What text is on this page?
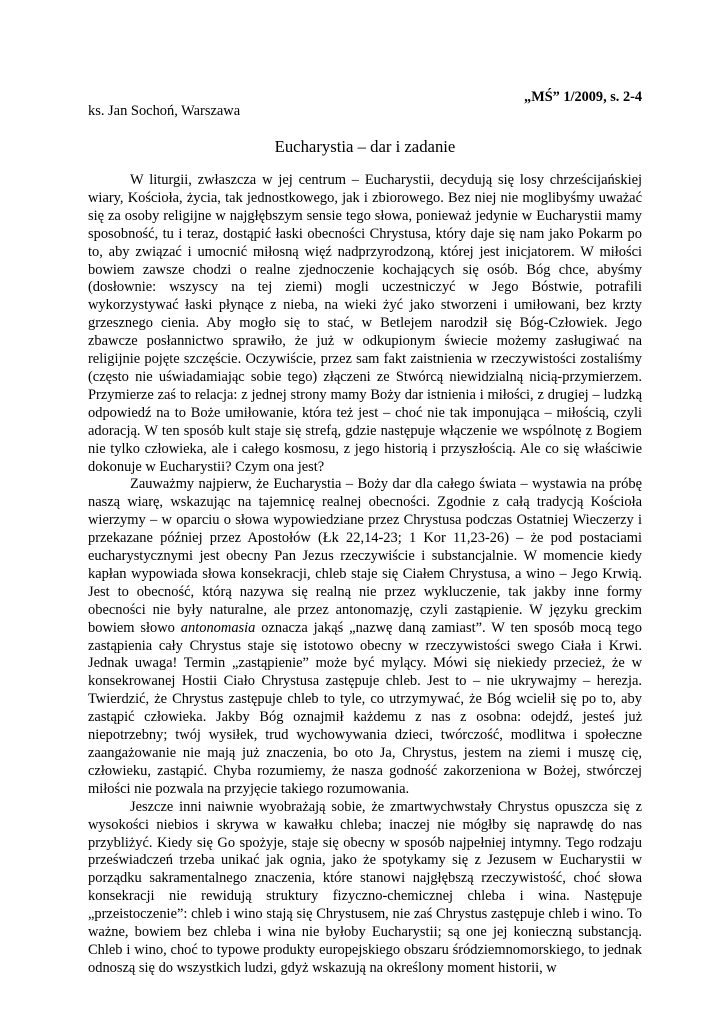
„MŚ” 1/2009, s. 2-4
ks. Jan Sochoń, Warszawa
Eucharystia – dar i zadanie

W liturgii, zwłaszcza w jej centrum – Eucharystii, decydują się losy chrześcijańskiej wiary, Kościoła, życia, tak jednostkowego, jak i zbiorowego. Bez niej nie moglibyśmy uważać się za osoby religijne w najgłębszym sensie tego słowa, ponieważ jedynie w Eucharystii mamy sposobność, tu i teraz, dostąpić łaski obecności Chrystusa, który daje się nam jako Pokarm po to, aby związać i umocnić miłosną więź nadprzyrodzoną, której jest inicjatorem. W miłości bowiem zawsze chodzi o realne zjednoczenie kochających się osób. Bóg chce, abyśmy (dosłownie: wszyscy na tej ziemi) mogli uczestniczyć w Jego Bóstwie, potrafili wykorzystywać łaski płynące z nieba, na wieki żyć jako stworzeni i umiłowani, bez krzty grzesznego cienia. Aby mogło się to stać, w Betlejem narodził się Bóg-Człowiek. Jego zbawcze posłannictwo sprawiło, że już w odkupionym świecie możemy zasługiwać na religijnie pojęte szczęście. Oczywiście, przez sam fakt zaistnienia w rzeczywistości zostaliśmy (często nie uświadamiając sobie tego) złączeni ze Stwórcą niewidzialną nicią-przymierzem. Przymierze zaś to relacja: z jednej strony mamy Boży dar istnienia i miłości, z drugiej – ludzką odpowiedź na to Boże umiłowanie, która też jest – choć nie tak imponująca – miłością, czyli adoracją. W ten sposób kult staje się strefą, gdzie następuje włączenie we wspólnotę z Bogiem nie tylko człowieka, ale i całego kosmosu, z jego historią i przyszłością. Ale co się właściwie dokonuje w Eucharystii? Czym ona jest?

Zauważmy najpierw, że Eucharystia – Boży dar dla całego świata – wystawia na próbę naszą wiarę, wskazując na tajemnicę realnej obecności. Zgodnie z całą tradycją Kościoła wierzymy – w oparciu o słowa wypowiedziane przez Chrystusa podczas Ostatniej Wieczerzy i przekazane później przez Apostołów (Łk 22,14-23; 1 Kor 11,23-26) – że pod postaciami eucharystycznymi jest obecny Pan Jezus rzeczywiście i substancjalnie. W momencie kiedy kapłan wypowiada słowa konsekracji, chleb staje się Ciałem Chrystusa, a wino – Jego Krwią. Jest to obecność, którą nazywa się realną nie przez wykluczenie, tak jakby inne formy obecności nie były naturalne, ale przez antonomazję, czyli zastąpienie. W języku greckim bowiem słowo antonomasia oznacza jakąś „nazwę daną zamiast”. W ten sposób mocą tego zastąpienia cały Chrystus staje się istotowo obecny w rzeczywistości swego Ciała i Krwi. Jednak uwaga! Termin „zastąpienie” może być mylący. Mówi się niekiedy przecież, że w konsekrowanej Hostii Ciało Chrystusa zastępuje chleb. Jest to – nie ukrywajmy – herezja. Twierdzić, że Chrystus zastępuje chleb to tyle, co utrzymywać, że Bóg wcielił się po to, aby zastąpić człowieka. Jakby Bóg oznajmił każdemu z nas z osobna: odejdź, jesteś już niepotrzebny; twój wysiłek, trud wychowywania dzieci, twórczość, modlitwa i społeczne zaangażowanie nie mają już znaczenia, bo oto Ja, Chrystus, jestem na ziemi i muszę cię, człowieku, zastąpić. Chyba rozumiemy, że nasza godność zakorzeniona w Bożej, stwórczej miłości nie pozwala na przyjęcie takiego rozumowania.

Jeszcze inni naiwnie wyobrażają sobie, że zmartwychwstały Chrystus opuszcza się z wysokości niebios i skrywa w kawałku chleba; inaczej nie mógłby się naprawdę do nas przybliżyć. Kiedy się Go spożyje, staje się obecny w sposób najpełniej intymny. Tego rodzaju przeświadczeń trzeba unikać jak ognia, jako że spotykamy się z Jezusem w Eucharystii w porządku sakramentalnego znaczenia, które stanowi najgłębszą rzeczywistość, choć słowa konsekracji nie rewidują struktury fizyczno-chemicznej chleba i wina. Następuje „przeistoczenie”: chleb i wino stają się Chrystusem, nie zaś Chrystus zastępuje chleb i wino. To ważne, bowiem bez chleba i wina nie byłoby Eucharystii; są one jej konieczną substancją. Chleb i wino, choć to typowe produkty europejskiego obszaru śródziemnomorskiego, to jednak odnoszą się do wszystkich ludzi, gdyż wskazują na określony moment historii, w
